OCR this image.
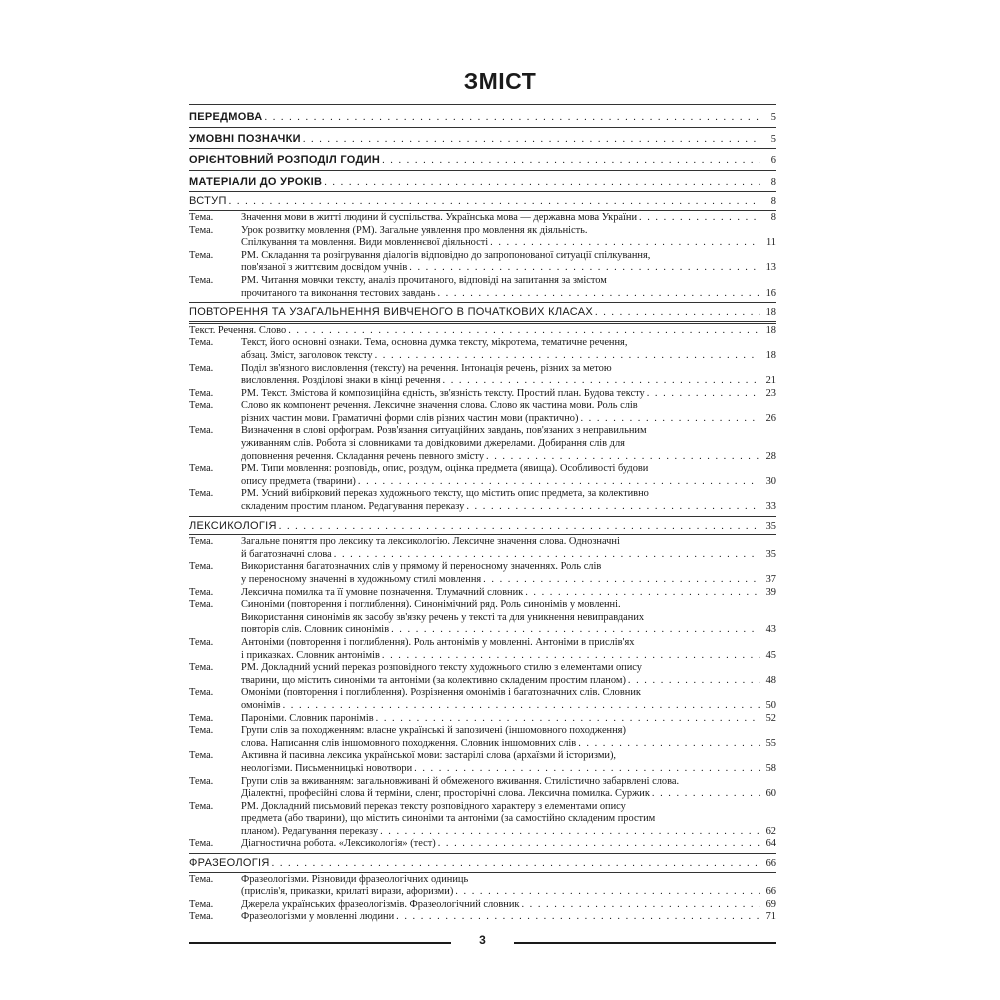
ЗМІСТ
ПЕРЕДМОВА . . .	5
УМОВНІ ПОЗНАЧКИ . . .	5
ОРІЄНТОВНИЙ РОЗПОДІЛ ГОДИН . . .	6
МАТЕРІАЛИ ДО УРОКІВ . . .	8
ВСТУП . . .	8
Тема.	Значення мови в житті людини й суспільства. Українська мова — державна мова України . . .	8
Тема.	Урок розвитку мовлення (РМ). Загальне уявлення про мовлення як діяльність.
Спілкування та мовлення. Види мовленнєвої діяльності . . .	11
Тема.	РМ. Складання та розігрування діалогів відповідно до запропонованої ситуації спілкування,
пов'язаної з життєвим досвідом учнів . . .	13
Тема.	РМ. Читання мовчки тексту, аналіз прочитаного, відповіді на запитання за змістом
прочитаного та виконання тестових завдань . . .	16
ПОВТОРЕННЯ ТА УЗАГАЛЬНЕННЯ ВИВЧЕНОГО В ПОЧАТКОВИХ КЛАСАХ . . .	18
Текст. Речення. Слово . . .	18
Тема.	Текст, його основні ознаки. Тема, основна думка тексту, мікротема, тематичне речення,
абзац. Зміст, заголовок тексту . . .	18
Тема.	Поділ зв'язного висловлення (тексту) на речення. Інтонація речень, різних за метою
висловлення. Розділові знаки в кінці речення . . .	21
Тема.	РМ. Текст. Змістова й композиційна єдність, зв'язність тексту. Простий план. Будова тексту . . .	23
Тема.	Слово як компонент речення. Лексичне значення слова. Слово як частина мови. Роль слів
різних частин мови. Граматичні форми слів різних частин мови (практично) . . .	26
Тема.	Визначення в слові орфограм. Розв'язання ситуаційних завдань, пов'язаних з неправильним
уживанням слів. Робота зі словниками та довідковими джерелами. Добирання слів для
доповнення речення. Складання речень певного змісту . . .	28
Тема.	РМ. Типи мовлення: розповідь, опис, роздум, оцінка предмета (явища). Особливості будови
опису предмета (тварини) . . .	30
Тема.	РМ. Усний вибірковий переказ художнього тексту, що містить опис предмета, за колективно
складеним простим планом. Редагування переказу . . .	33
ЛЕКСИКОЛОГІЯ . . .	35
Тема.	Загальне поняття про лексику та лексикологію. Лексичне значення слова. Однозначні
й багатозначні слова . . .	35
Тема.	Використання багатозначних слів у прямому й переносному значеннях. Роль слів
у переносному значенні в художньому стилі мовлення . . .	37
Тема.	Лексична помилка та її умовне позначення. Тлумачний словник . . .	39
Тема.	Синоніми (повторення і поглиблення). Синонімічний ряд. Роль синонімів у мовленні.
Використання синонімів як засобу зв'язку речень у тексті та для уникнення невиправданих
повторів слів. Словник синонімів . . .	43
Тема.	Антоніми (повторення і поглиблення). Роль антонімів у мовленні. Антоніми в прислів'ях
і приказках. Словник антонімів . . .	45
Тема.	РМ. Докладний усний переказ розповідного тексту художнього стилю з елементами опису
тварини, що містить синоніми та антоніми (за колективно складеним простим планом) . . .	48
Тема.	Омоніми (повторення і поглиблення). Розрізнення омонімів і багатозначних слів. Словник
омонімів . . .	50
Тема.	Пароніми. Словник паронімів . . .	52
Тема.	Групи слів за походженням: власне українські й запозичені (іншомовного походження)
слова. Написання слів іншомовного походження. Словник іншомовних слів . . .	55
Тема.	Активна й пасивна лексика української мови: застарілі слова (архаїзми й історизми),
неологізми. Письменницькі новотвори . . .	58
Тема.	Групи слів за вживанням: загальновживані й обмеженого вживання. Стилістично забарвлені слова.
Діалектні, професійні слова й терміни, сленг, просторічні слова. Лексична помилка. Суржик . . .	60
Тема.	РМ. Докладний письмовий переказ тексту розповідного характеру з елементами опису
предмета (або тварини), що містить синоніми та антоніми (за самостійно складеним простим
планом). Редагування переказу . . .	62
Тема.	Діагностична робота. «Лексикологія» (тест) . . .	64
ФРАЗЕОЛОГІЯ . . .	66
Тема.	Фразеологізми. Різновиди фразеологічних одиниць
(прислів'я, приказки, крилаті вирази, афоризми) . . .	66
Тема.	Джерела українських фразеологізмів. Фразеологічний словник . . .	69
Тема.	Фразеологізми у мовленні людини . . .	71
3
